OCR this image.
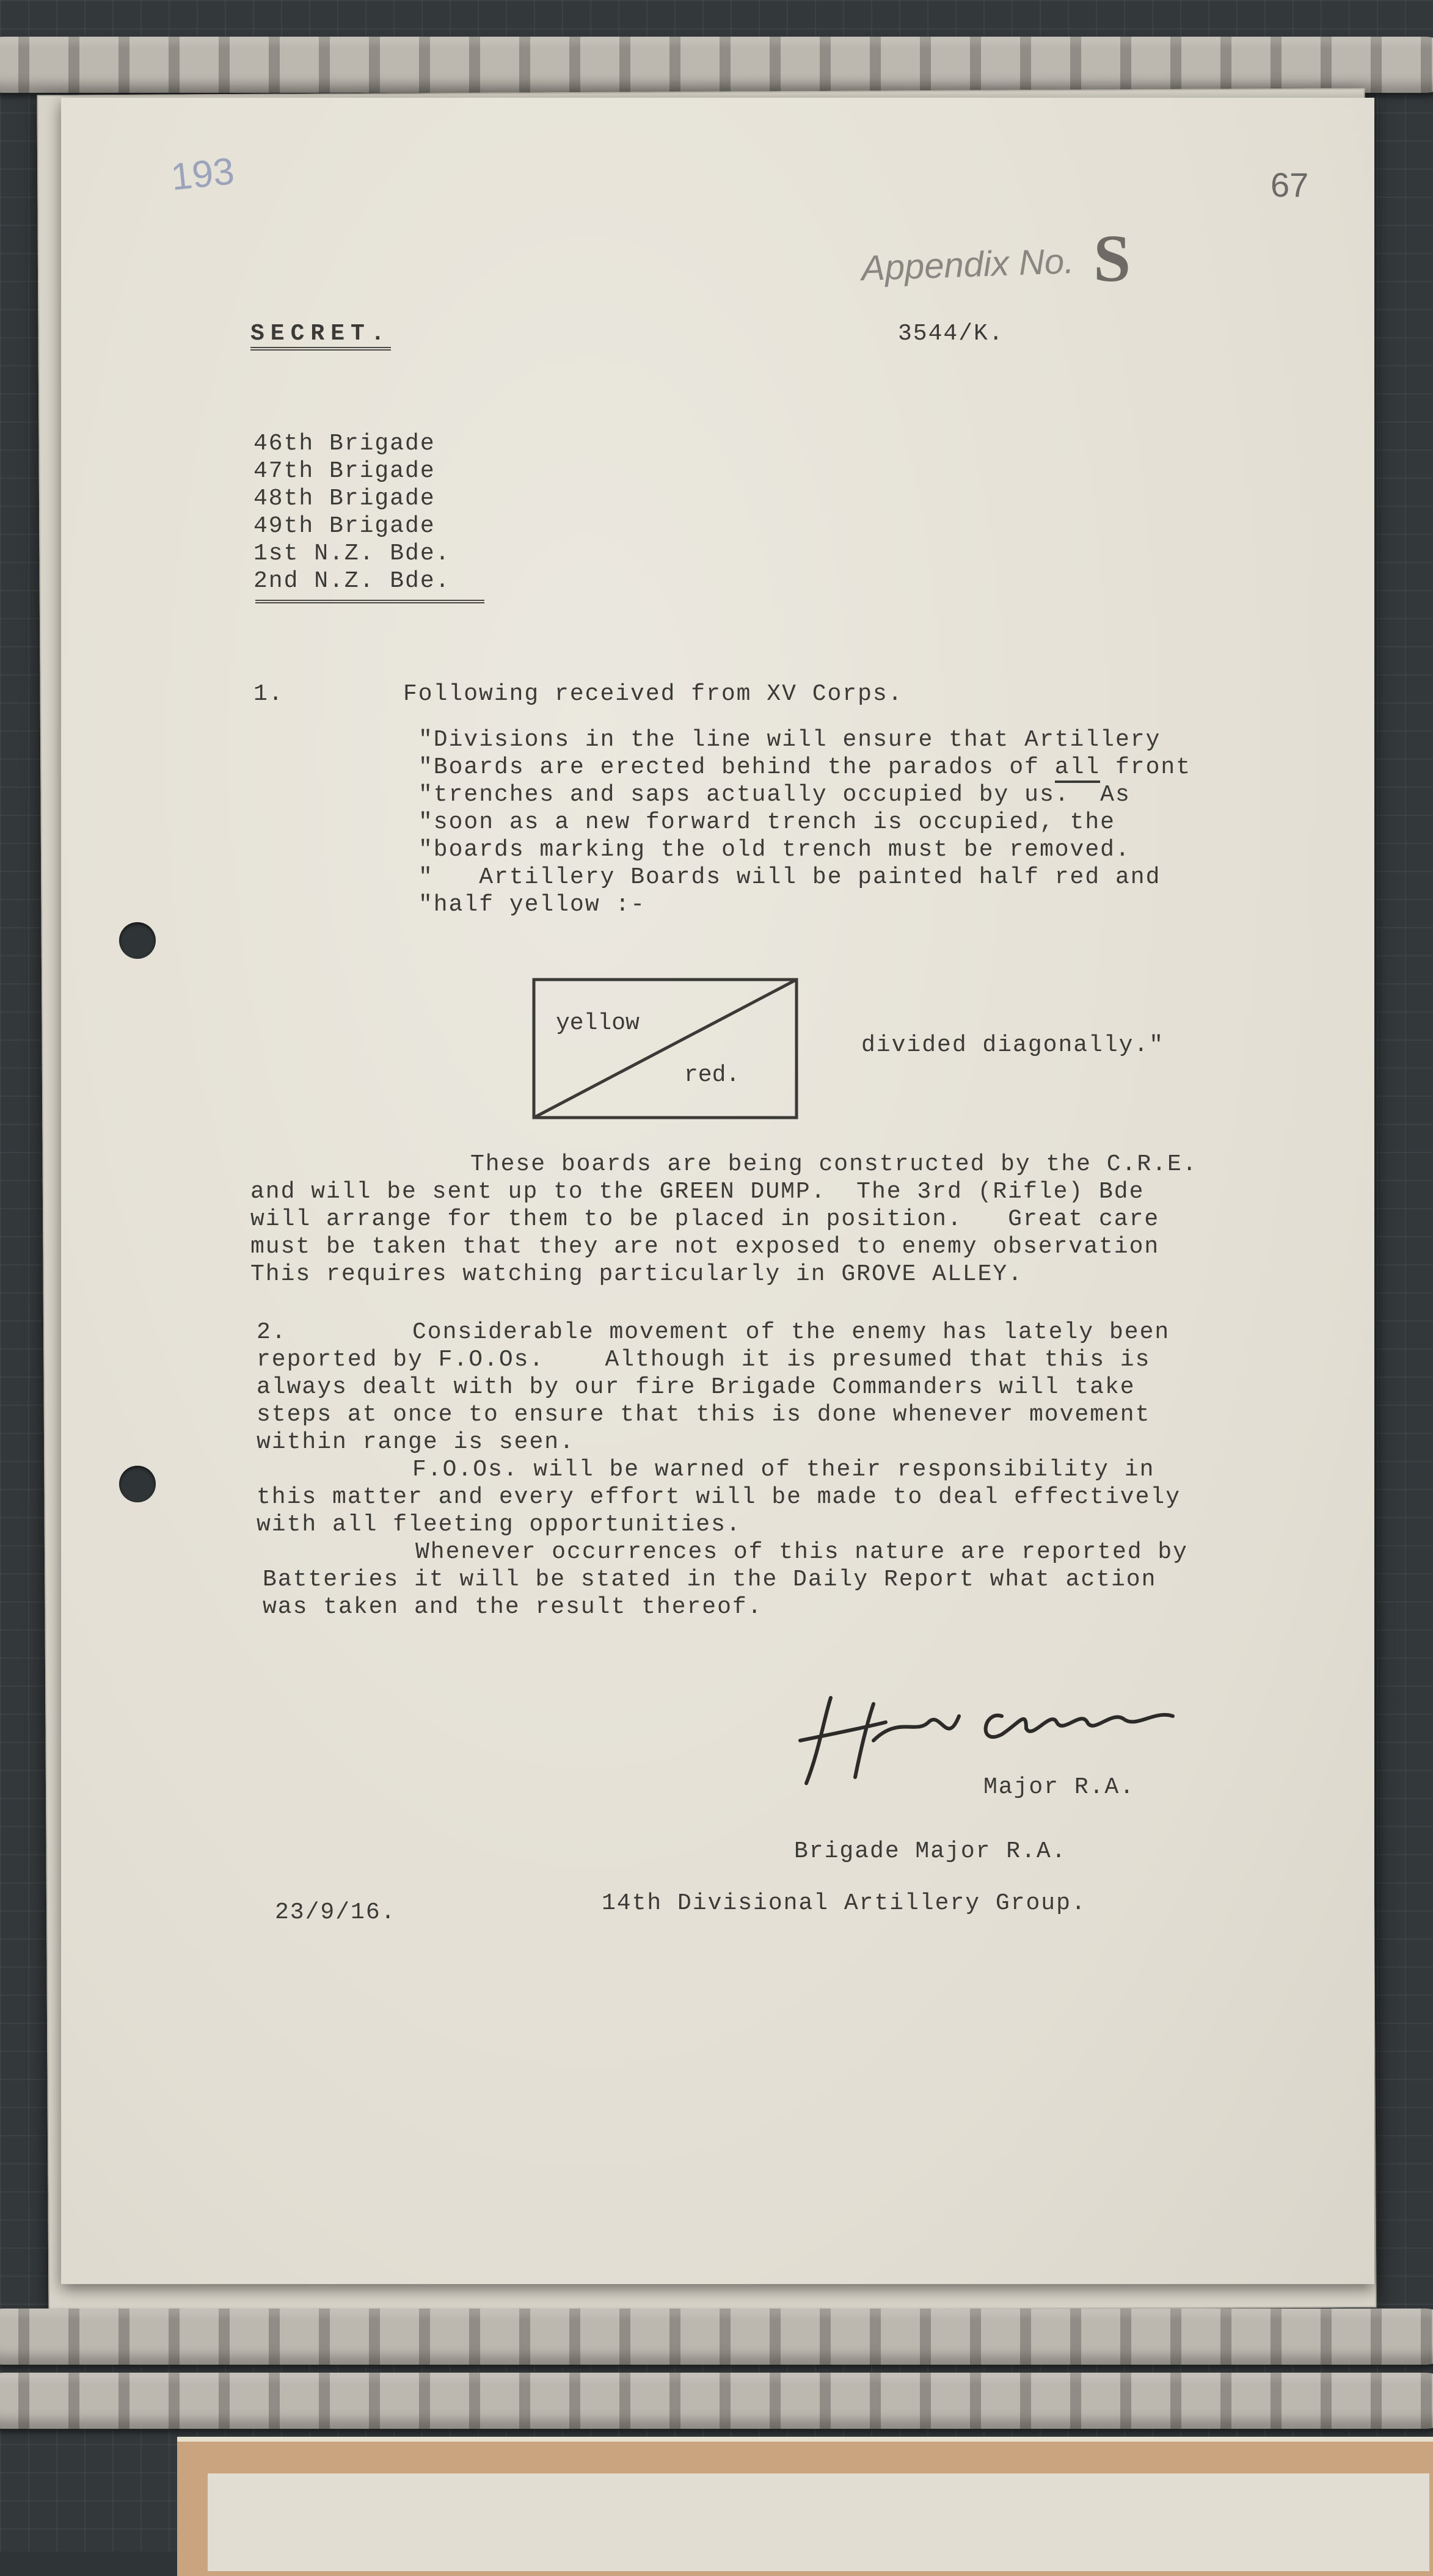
193	67
Appendix No. S
SECRET.	3544/K.
46th Brigade
47th Brigade
48th Brigade
49th Brigade
1st N.Z. Bde.
2nd N.Z. Bde.
1.	Following received from XV Corps.
"Divisions in the line will ensure that Artillery
"Boards are erected behind the parados of all front
"trenches and saps actually occupied by us.  As
"soon as a new forward trench is occupied, the
"boards marking the old trench must be removed.
"   Artillery Boards will be painted half red and
"half yellow :-
yellow
red.
divided diagonally."
These boards are being constructed by the C.R.E.
and will be sent up to the GREEN DUMP.  The 3rd (Rifle) Bde
will arrange for them to be placed in position.   Great care
must be taken that they are not exposed to enemy observation
This requires watching particularly in GROVE ALLEY.
2.	Considerable movement of the enemy has lately been
reported by F.O.Os.    Although it is presumed that this is
always dealt with by our fire Brigade Commanders will take
steps at once to ensure that this is done whenever movement
within range is seen.
F.O.Os. will be warned of their responsibility in
this matter and every effort will be made to deal effectively
with all fleeting opportunities.
Whenever occurrences of this nature are reported by
Batteries it will be stated in the Daily Report what action
was taken and the result thereof.
Major R.A.
Brigade Major R.A.
23/9/16.	14th Divisional Artillery Group.
